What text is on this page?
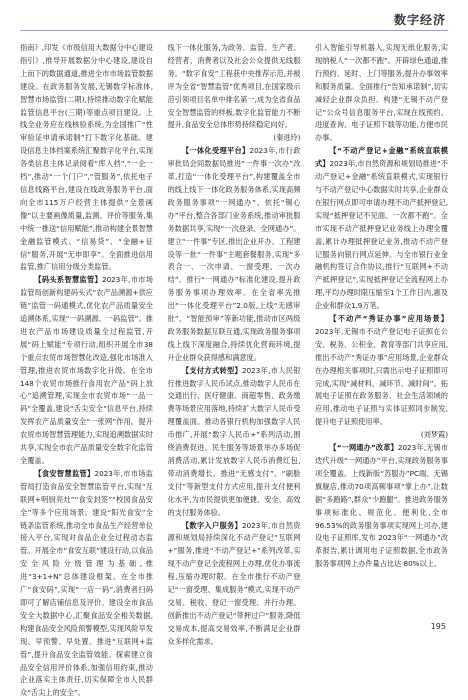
数字经济

指南》,印发《市级信用大数据分中心建设指引》,推导开展数据分中心建设,建设自上而下的数据通道,推进全市市场监管数据建设。在政务服务发展,无锡数字标准体,智慧市场监管(二期),持续推动数字化赋能监管信息平台(三期)等重点项目建设。上线全业务应在线核验系统,为全国推广“性审验证申请承诺制”打下数字化基础。建设信息主体档案系统汇聚数字化平台,实现各类信息主体记录阅看“库入档”,“一企一档”,推动“一个门户”,“管服务”,依托电子信息线路平台,建设在线政务服务平台,面向全市115万户经营主体提供“全景画像”以主要画像质量,监测、评价等服务,集中统一推送“信用赋能”,推动构建全景智慧金融监管模式、“信易贷”、“金融+征信”服务,开展“无申即享”。全面推进信用监管,推广信用分级分类监管。

【码头系智慧监管】2023年,市市场监管局创新构建码头式“农产品溯源+供应链”监管一码通模式,优化农产品质量安全追溯体系,实现“一码溯源、一码监管”。推进农产品市场建设质量全过程监管,开展“码上赋能”专项行动,组织开展全市38个重点农贸市场智慧化改造,强化市场准入管理,推进农贸市场数字化升级。在全市148个农贸市场推行食用农产品“码上放心”追溯管理,实现全市农贸市场“一品一码”全覆盖,建设“舌尖安全”信息平台,持续发挥农产品质量安全“一张网”作用。提升农贸市场智慧管理能力,实现追溯数据实时共享,实现全市农产品质量安全数字化监管全覆盖。

【食安智慧监管】2023年,市市场监管局打造食品安全智慧监管平台,实现“互联网+明厨亮灶”“食安封签”“校园食品安全”等多个应用场景。建设“阳光食安”全链条监管系统,推动全市食品生产经营单位接入平台,实现对食品企业全过程动态监管。开展全市“食安互联”建设行动,以食品安全风险分级管理为基础,推进“3+1+N”总体建设框架。在全市推广“食安码”,实现“一店一码”,消费者扫码即可了解店铺信息及评价。建设全市食品安全大数据中心,汇聚食品安全相关数据,构建食品安全风险预警模型,实现风险早发现、早预警、早处置。推进“互联网+监管”,提升食品安全监管效能。探索建立食品安全信用评价体系,加强信用约束,推动企业落实主体责任,切实保障全市人民群众“舌尖上的安全”。

线下一体化服务,为政务、监管、生产者、经营者、消费者以及社会公众提供无线服务。“数字食安”工程获中央推荐示范,并被评为全省“智慧监管”优秀项目,在国家级示范引领项目名单中排名第一,成为全省食品安全智慧监管的样板,数字化监管能力不断提升,食品安全总体形势持续稳定向好。

(秦进玲)

【一体化受理平台】2023年,市行政审批局会同数据局推进“一件事一次办”改革,打造“一体化受理平台”,构建覆盖全市的线上线下一体化政务服务体系,实现高频政务服务事项“一网通办”。依托“锡心办”平台,整合各部门业务系统,推动审批服务数据共享,实现“一次登录、全网通办”。建立“一件事”专区,推出企业开办、工程建设等一批“一件事”主题套餐服务,实现“多表合一、一次申请、一窗受理、一次办结”。推行“一网通办”标准化建设,提升政务服务事项办理效率。在全省率先推出“一体化受理平台”2.0版,上线“无感审批”、“智能预审”等新功能,推动市区两级政务服务数据互联互通,实现政务服务事项线上线下深度融合,持续优化营商环境,提升企业群众获得感和满意度。

【支付方式转型】2023年,市人民银行推进数字人民币试点,推动数字人民币在交通出行、医疗健康、商超零售、政务缴费等场景应用落地,持续扩大数字人民币受理覆盖面。推动各银行机构加强数字人民币推广,开展“数字人民币+”系列活动,围绕消费促进、民生服务等场景举办多场促消费活动,累计发放数字人民币消费红包,带动消费增长。推进“无感支付”、“刷脸支付”等新型支付方式应用,提升支付便利化水平,为市民提供更加便捷、安全、高效的支付服务体验。

【数字入户服务】2023年,市自然资源和规划局持续深化不动产登记“互联网+”服务,推进“不动产登记+”系列改革,实现不动产登记全流程网上办理,优化办事流程,压缩办理时限。在全市推行不动产登记“一窗受理、集成服务”模式,实现不动产交易、税收、登记一窗受理、并行办理。创新推出不动产登记“带押过户”服务,降低交易成本,提高交易效率,不断满足企业群众多样化需求。

引入智能引导机器人,实现无纸化服务,实现纳税人“一次都不跑”。开辟绿色通道,推行预约、延时、上门等服务,提升办事效率和服务质量。全面推行“告知承诺制”,切实减轻企业群众负担。构建“无锡不动产登记”公众号信息服务平台,实现在线预约、进度查询、电子证照下载等功能,方便市民办事。

【“不动产登记+金融”系统直联模式】2023年,市自然资源和规划局推进“不动产登记+金融”系统直联模式,实现银行与不动产登记中心数据实时共享,企业群众在银行网点即可申请办理不动产抵押登记,实现“抵押登记不见面、一次都不跑”。全市实现不动产抵押登记业务线上办理全覆盖,累计办理抵押登记业务,推动不动产登记服务向银行网点延伸。与全市银行业金融机构签订合作协议,推行“互联网+不动产抵押登记”,实现抵押登记全流程网上办理,平均办理时限压缩至1个工作日内,惠及企业和群众1.9万笔。

【不动产“秀证办事”应用场景】2023年,无锡市不动产登记电子证照在公安、税务、公积金、教育等部门共享应用,推出不动产“秀证办事”应用场景,企业群众在办理相关事项时,只需出示电子证照即可完成,实现“减材料、减环节、减时间”。拓展电子证照在政务服务、社会生活领域的应用,推动电子证照与实体证照同步制发,提升电子证照使用率。

(刘梦霞)

【“一网通办”改革】2023年,无锡市迭代升级“一网通办”平台,实现政务服务事项全覆盖。上线新版“苏服办”PC端、无锡旗舰店,推动70项高频事项“掌上办”,让数据“多跑路”,群众“少跑腿”。推进政务服务事项标准化、规范化、便利化,全市96.53%的政务服务事项实现网上可办,建设电子证照库,发布 2023年“一网通办”改革报告,累计调用电子证照数据,全市政务服务事项网上办件量占比达 80%以上。

195
